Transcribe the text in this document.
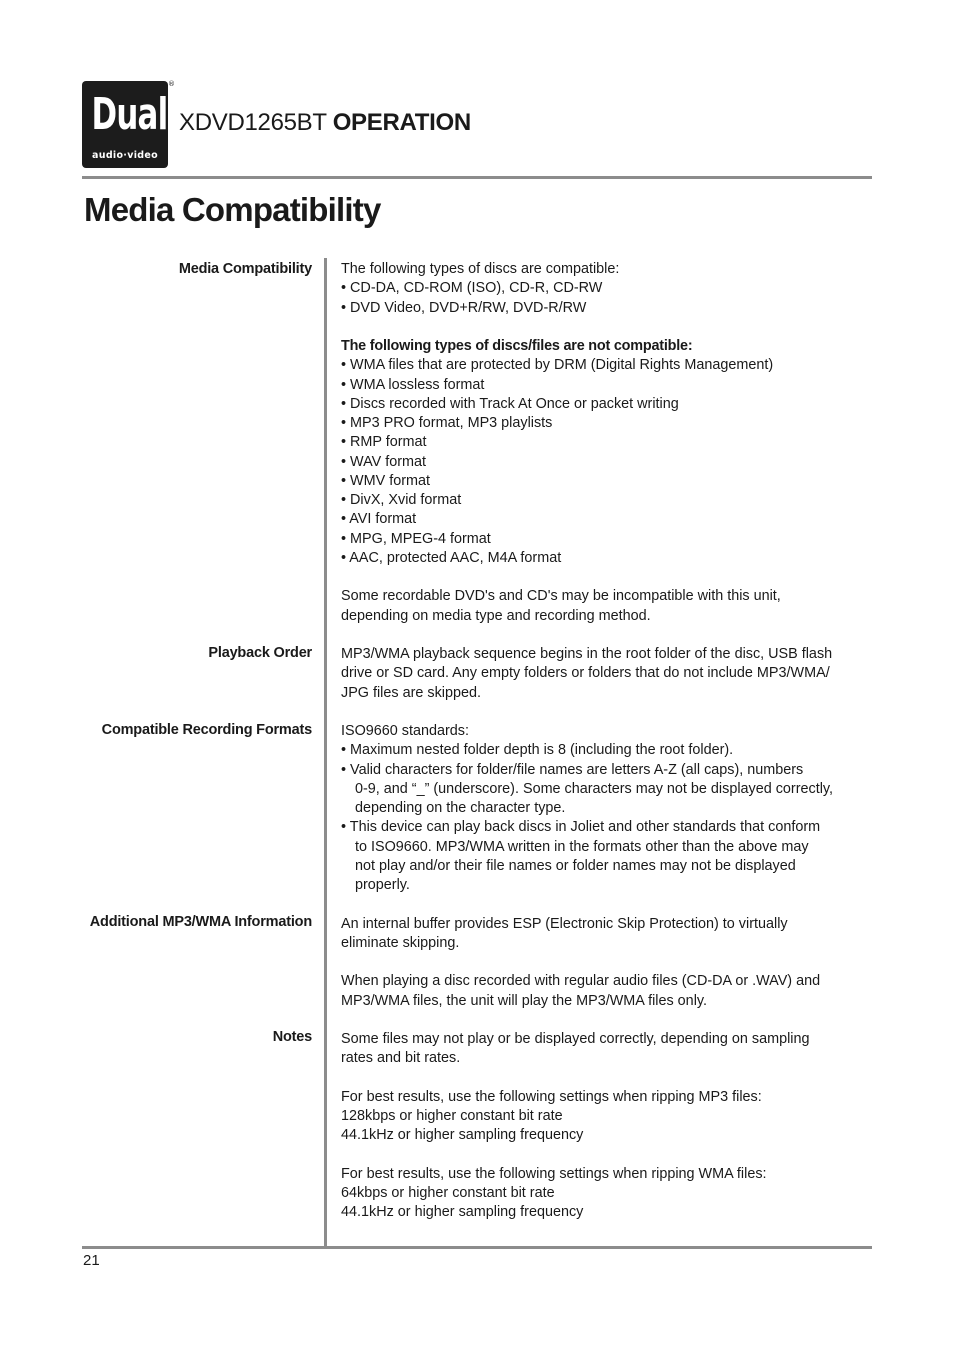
Dual
audio·video
®
XDVD1265BT OPERATION
Media Compatibility
Media Compatibility
Playback Order
Compatible Recording Formats
Additional MP3/WMA Information
Notes

The following types of discs are compatible:

• CD-DA, CD-ROM (ISO), CD-R, CD-RW

• DVD Video, DVD+R/RW, DVD-R/RW

The following types of discs/files are not compatible:

• WMA files that are protected by DRM (Digital Rights Management)

• WMA lossless format

• Discs recorded with Track At Once or packet writing

• MP3 PRO format, MP3 playlists

• RMP format

• WAV format

• WMV format

• DivX, Xvid format

• AVI format

• MPG, MPEG-4 format

• AAC, protected AAC, M4A format

Some recordable DVD's and CD's may be incompatible with this unit,

depending on media type and recording method.

MP3/WMA playback sequence begins in the root folder of the disc, USB flash

drive or SD card. Any empty folders or folders that do not include MP3/WMA/

JPG files are skipped.

ISO9660 standards:

• Maximum nested folder depth is 8 (including the root folder).

• Valid characters for folder/file names are letters A-Z (all caps), numbers

0-9, and “_” (underscore). Some characters may not be displayed correctly,

depending on the character type.

• This device can play back discs in Joliet and other standards that conform

to ISO9660. MP3/WMA written in the formats other than the above may

not play and/or their file names or folder names may not be displayed

properly.

An internal buffer provides ESP (Electronic Skip Protection) to virtually

eliminate skipping.

When playing a disc recorded with regular audio files (CD-DA or .WAV) and

MP3/WMA files, the unit will play the MP3/WMA files only.

Some files may not play or be displayed correctly, depending on sampling

rates and bit rates.

For best results, use the following settings when ripping MP3 files:

128kbps or higher constant bit rate

44.1kHz or higher sampling frequency

For best results, use the following settings when ripping WMA files:

64kbps or higher constant bit rate

44.1kHz or higher sampling frequency

21
